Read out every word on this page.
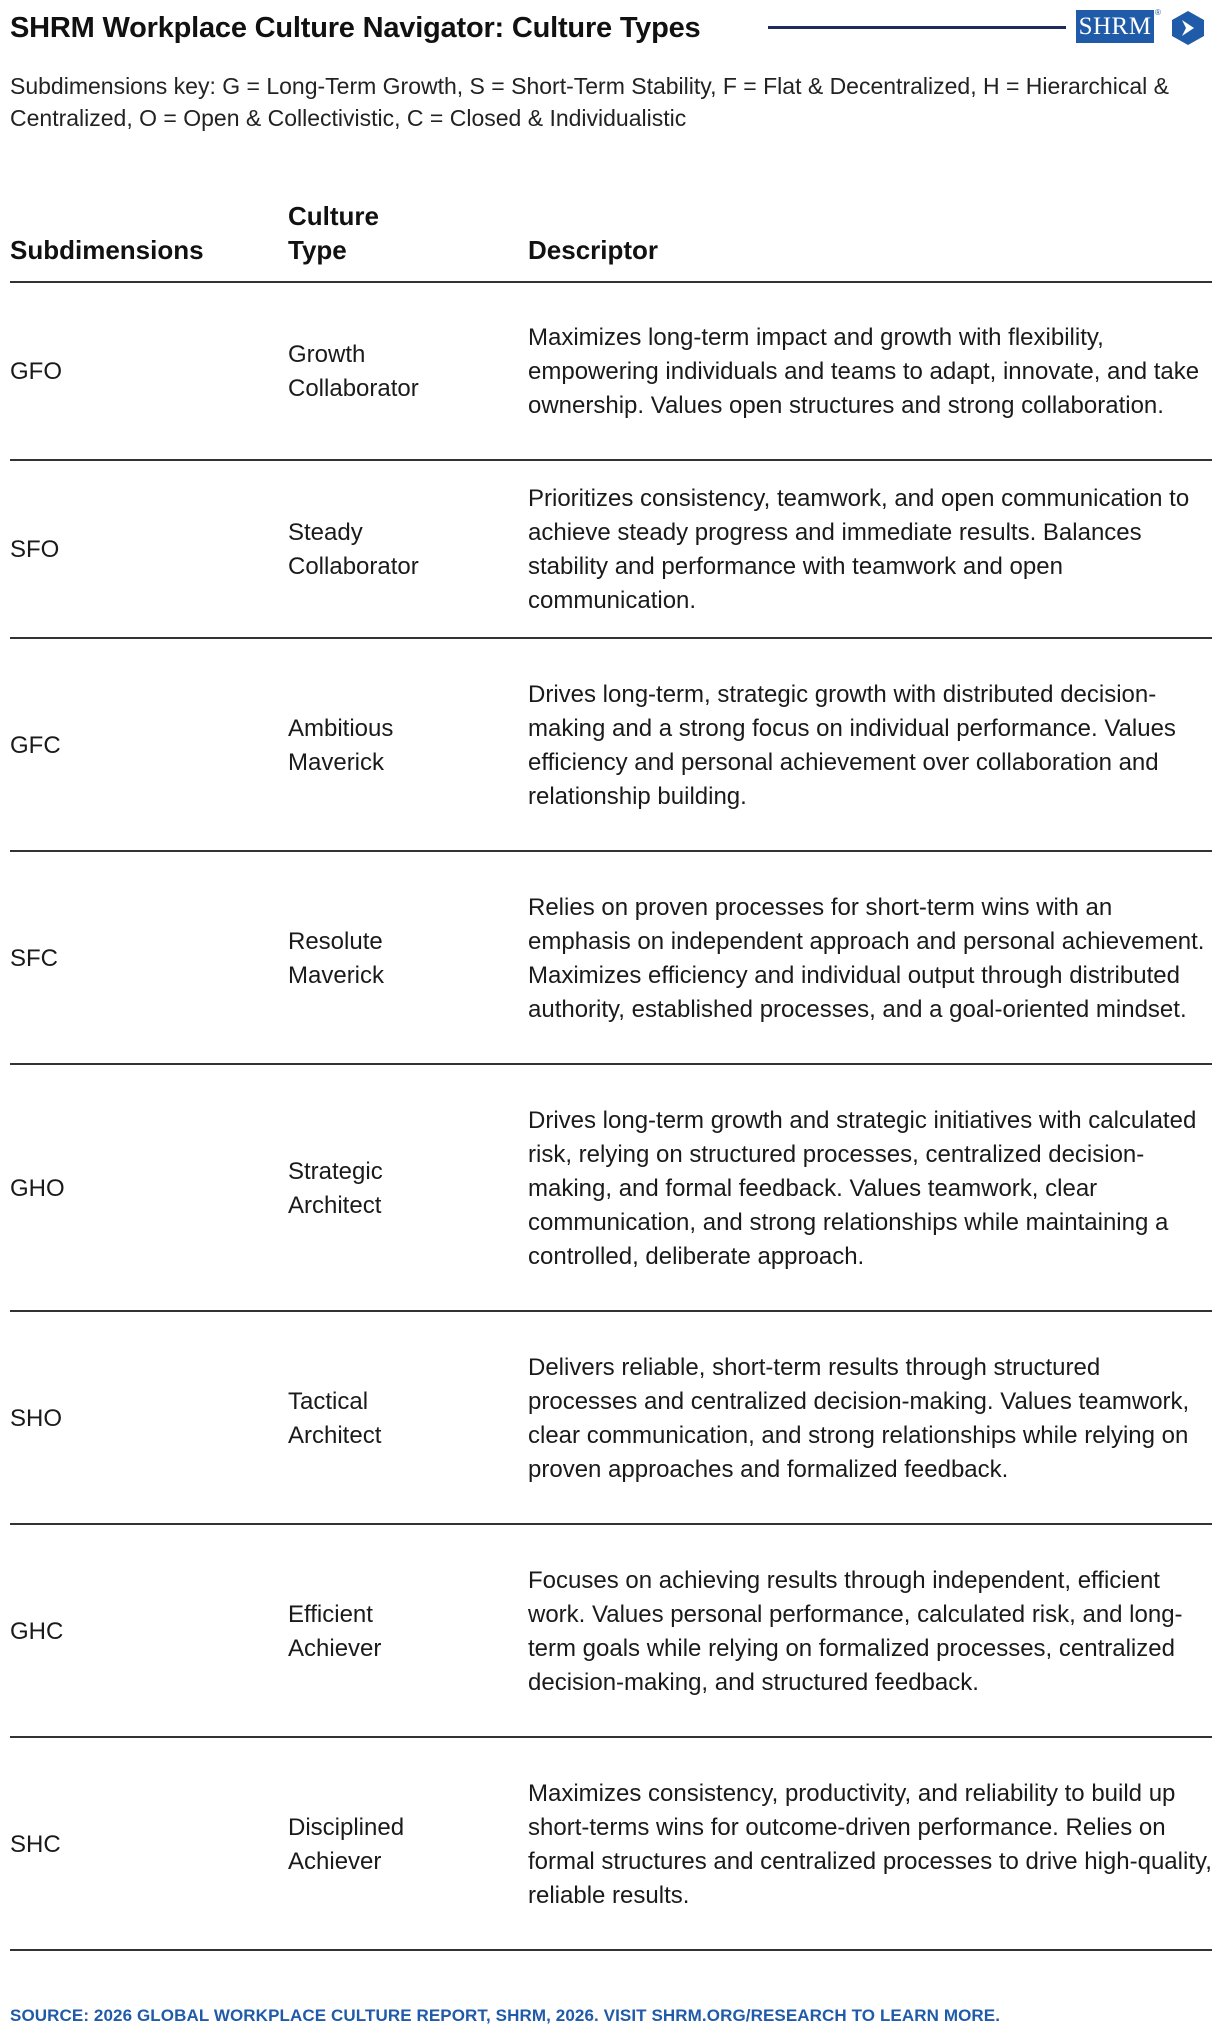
SHRM Workplace Culture Navigator: Culture Types	SHRM ®
Subdimensions key: G = Long-Term Growth, S = Short-Term Stability, F = Flat & Decentralized, H = Hierarchical & Centralized, O = Open & Collectivistic, C = Closed & Individualistic
Subdimensions
Culture
Type	Descriptor
GFO
Growth
Collaborator
Maximizes long-term impact and growth with flexibility, empowering individuals and teams to adapt, innovate, and take ownership. Values open structures and strong collaboration.
SFO
Steady
Collaborator
Prioritizes consistency, teamwork, and open communication to achieve steady progress and immediate results. Balances stability and performance with teamwork and open communication.
GFC
Ambitious
Maverick
Drives long-term, strategic growth with distributed decision-making and a strong focus on individual performance. Values efficiency and personal achievement over collaboration and relationship building.
SFC
Resolute
Maverick
Relies on proven processes for short-term wins with an emphasis on independent approach and personal achievement. Maximizes efficiency and individual output through distributed authority, established processes, and a goal-oriented mindset.
GHO
Strategic
Architect
Drives long-term growth and strategic initiatives with calculated risk, relying on structured processes, centralized decision-making, and formal feedback. Values teamwork, clear communication, and strong relationships while maintaining a controlled, deliberate approach.
SHO
Tactical
Architect
Delivers reliable, short-term results through structured processes and centralized decision-making. Values teamwork, clear communication, and strong relationships while relying on proven approaches and formalized feedback.
GHC
Efficient
Achiever
Focuses on achieving results through independent, efficient work. Values personal performance, calculated risk, and long-term goals while relying on formalized processes, centralized decision-making, and structured feedback.
SHC
Disciplined
Achiever
Maximizes consistency, productivity, and reliability to build up short-terms wins for outcome-driven performance. Relies on formal structures and centralized processes to drive high-quality, reliable results.
SOURCE: 2026 GLOBAL WORKPLACE CULTURE REPORT, SHRM, 2026. VISIT SHRM.ORG/RESEARCH TO LEARN MORE.
